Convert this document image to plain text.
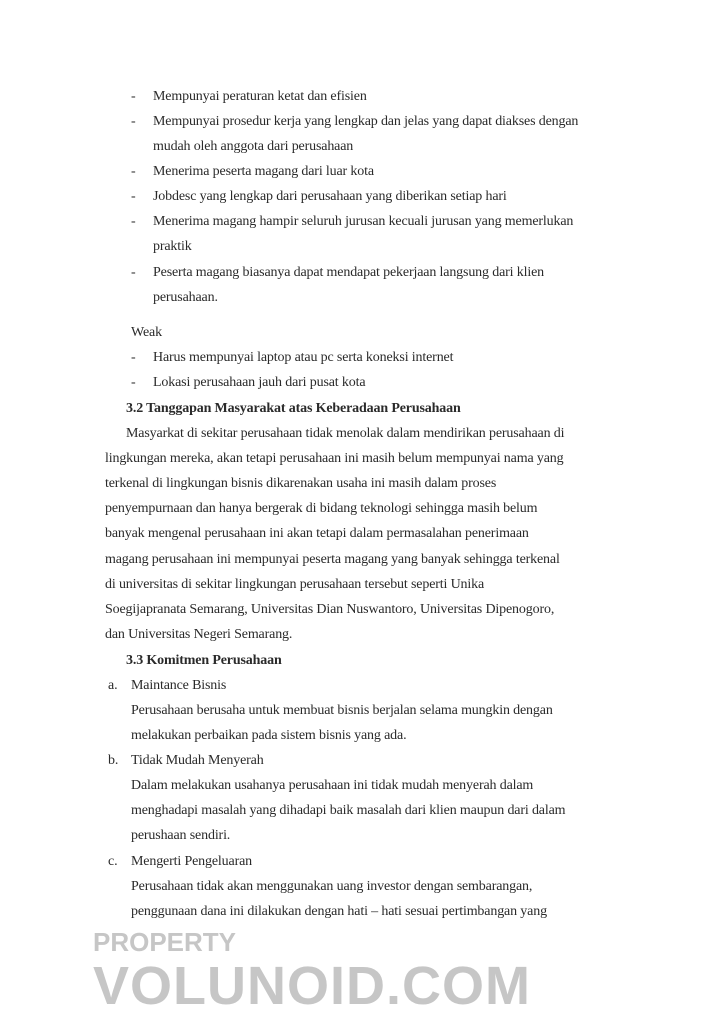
- Mempunyai peraturan ketat dan efisien
- Mempunyai prosedur kerja yang lengkap dan jelas yang dapat diakses dengan
mudah oleh anggota dari perusahaan
- Menerima peserta magang dari luar kota
- Jobdesc yang lengkap dari perusahaan yang diberikan setiap hari
- Menerima magang hampir seluruh jurusan kecuali jurusan yang memerlukan
praktik
- Peserta magang biasanya dapat mendapat pekerjaan langsung dari klien
perusahaan.
Weak
- Harus mempunyai laptop atau pc serta koneksi internet
- Lokasi perusahaan jauh dari pusat kota
3.2 Tanggapan Masyarakat atas Keberadaan Perusahaan
Masyarkat di sekitar perusahaan tidak menolak dalam mendirikan perusahaan di
lingkungan mereka, akan tetapi perusahaan ini masih belum mempunyai nama yang
terkenal di lingkungan bisnis dikarenakan usaha ini masih dalam proses
penyempurnaan dan hanya bergerak di bidang teknologi sehingga masih belum
banyak mengenal perusahaan ini akan tetapi dalam permasalahan penerimaan
magang perusahaan ini mempunyai peserta magang yang banyak sehingga terkenal
di universitas di sekitar lingkungan perusahaan tersebut seperti Unika
Soegijapranata Semarang, Universitas Dian Nuswantoro, Universitas Dipenogoro,
dan Universitas Negeri Semarang.
3.3 Komitmen Perusahaan
a. Maintance Bisnis
Perusahaan berusaha untuk membuat bisnis berjalan selama mungkin dengan
melakukan perbaikan pada sistem bisnis yang ada.
b. Tidak Mudah Menyerah
Dalam melakukan usahanya perusahaan ini tidak mudah menyerah dalam
menghadapi masalah yang dihadapi baik masalah dari klien maupun dari dalam
perushaan sendiri.
c. Mengerti Pengeluaran
Perusahaan tidak akan menggunakan uang investor dengan sembarangan,
penggunaan dana ini dilakukan dengan hati – hati sesuai pertimbangan yang
PROPERTY
VOLUNOID.COM
